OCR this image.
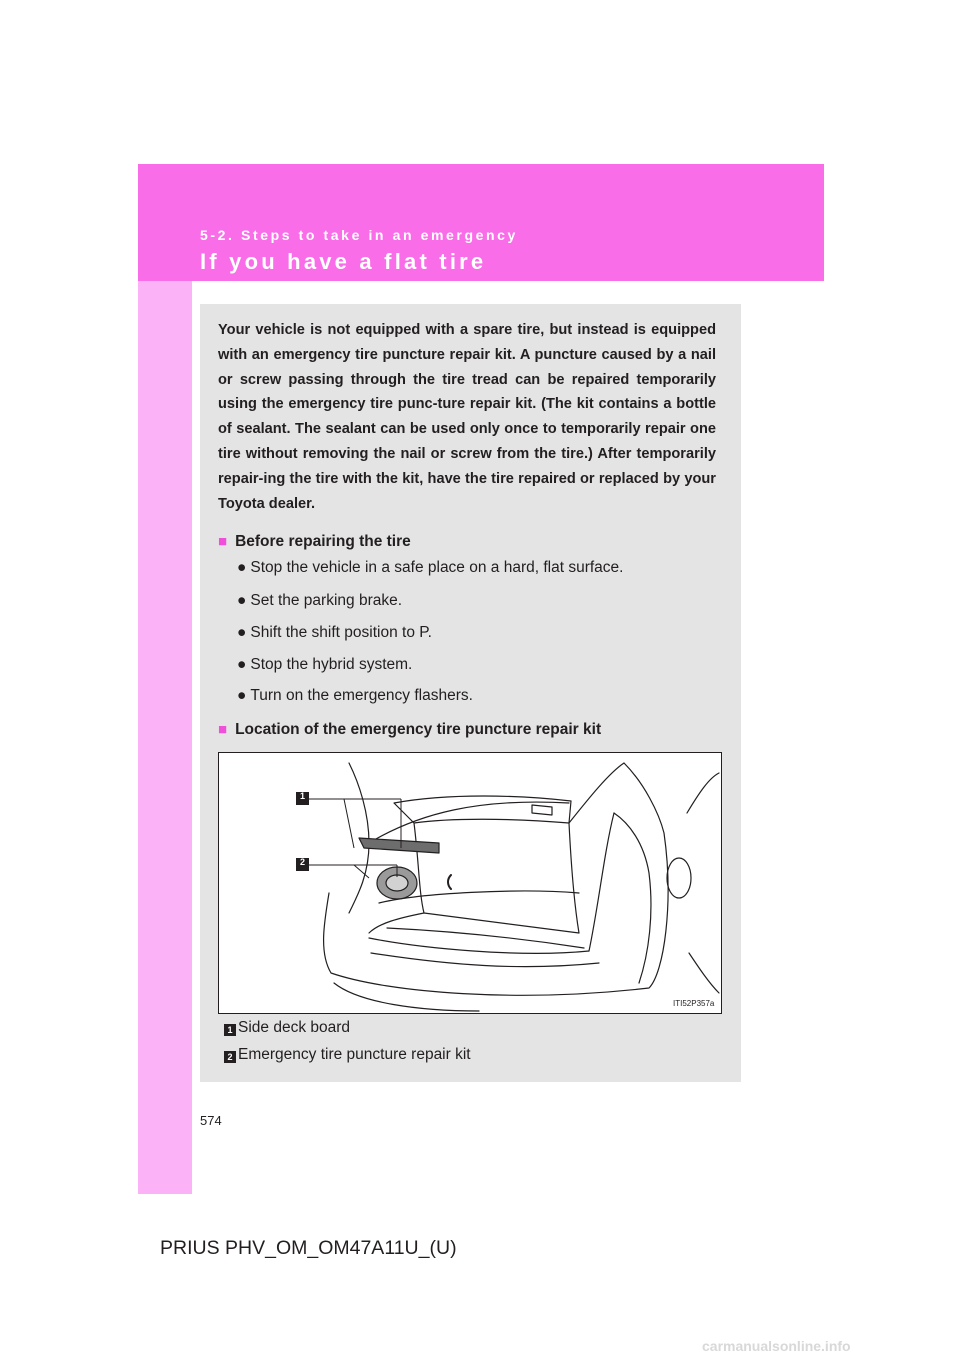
5-2. Steps to take in an emergency
If you have a flat tire

Your vehicle is not equipped with a spare tire, but instead is equipped with an emergency tire puncture repair kit. A puncture caused by a nail or screw passing through the tire tread can be repaired temporarily using the emergency tire punc-ture repair kit. (The kit contains a bottle of sealant. The sealant can be used only once to temporarily repair one tire without removing the nail or screw from the tire.) After temporarily repair-ing the tire with the kit, have the tire repaired or replaced by your Toyota dealer.

■ Before repairing the tire
● Stop the vehicle in a safe place on a hard, flat surface.
● Set the parking brake.
● Shift the shift position to P.
● Stop the hybrid system.
● Turn on the emergency flashers.
■ Location of the emergency tire puncture repair kit
1
2
ITI52P357a
1 Side deck board
2 Emergency tire puncture repair kit
574
PRIUS PHV_OM_OM47A11U_(U)
carmanualsonline.info
